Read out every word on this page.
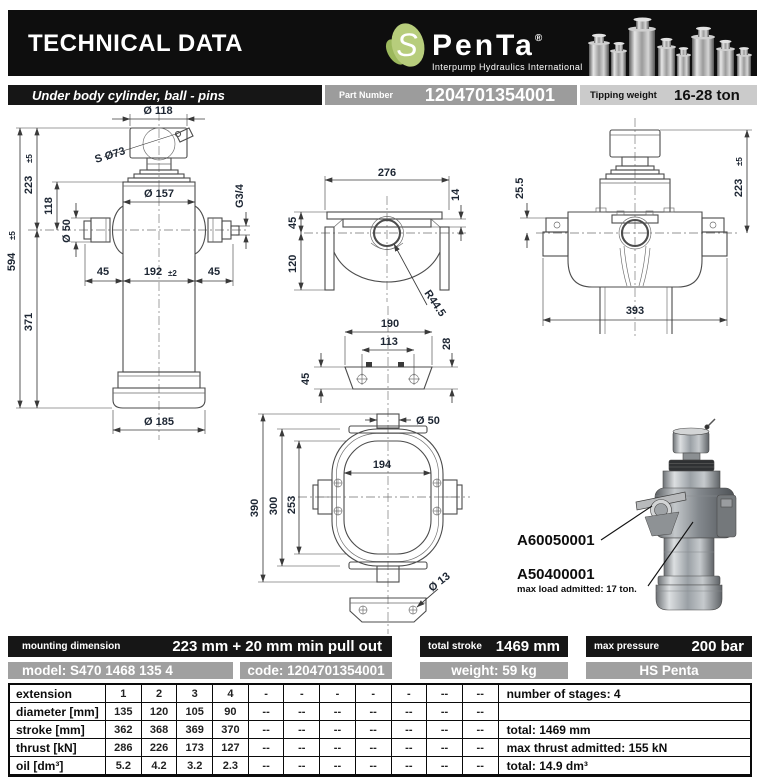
TECHNICAL DATA	S PenTa®
Interpump Hydraulics International
Under body cylinder, ball - pins	Part Number	1204701354001	Tipping weight	16-28 ton
Ø 118
S Ø73
Ø 157
594
±5
223
±5
118
371
Ø 50
G3/4
45	192 ±2	45
Ø 185
276
14
45
120
R44.5
25.5	223
±5
393
190
113	28
45
Ø 50
194
390 300 253
Ø 13
A60050001
A50400001
max load admitted: 17 ton.
mounting dimension	223 mm + 20 mm min pull out	total stroke 1469 mm	max pressure 200 bar
model: S470 1468 135 4	code: 1204701354001	weight: 59 kg	HS Penta
extension	1	2	3	4	-	-	-	-	-	--	--	number of stages: 4
diameter [mm]	135	120	105	90	--	--	--	--	--	--	--
stroke [mm]	362	368	369	370	--	--	--	--	--	--	--	total: 1469 mm
thrust [kN]	286	226	173	127	--	--	--	--	--	--	--	max thrust admitted: 155 kN
oil [dm³]	5.2	4.2	3.2	2.3	--	--	--	--	--	--	--	total: 14.9 dm³
